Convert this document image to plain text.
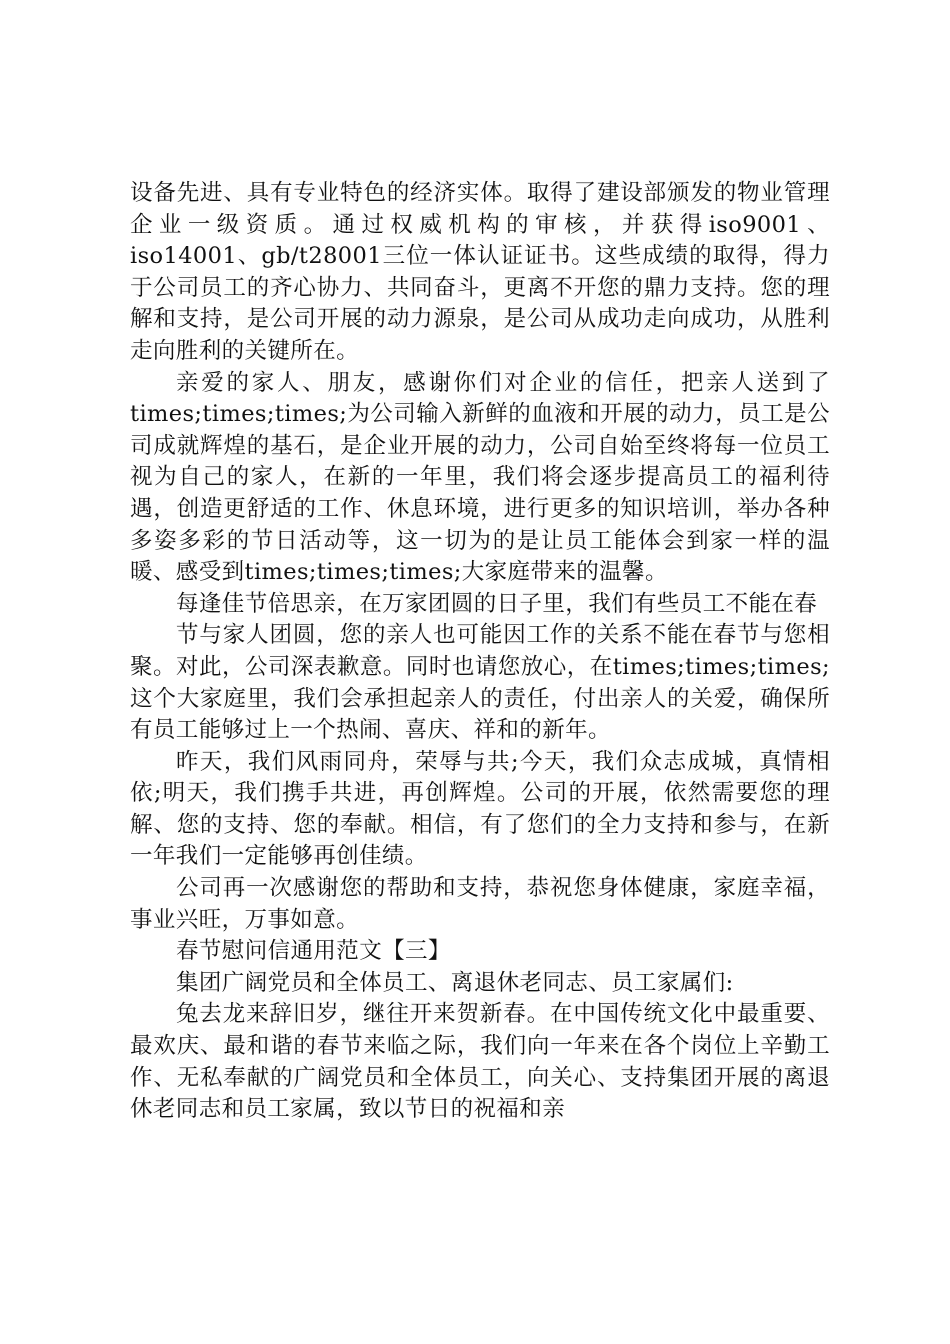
设备先进、具有专业特色的经济实体。取得了建设部颁发的物业管理企业一级资质。通过权威机构的审核，并获得iso9001、iso14001、gb/t28001三位一体认证证书。这些成绩的取得，得力于公司员工的齐心协力、共同奋斗，更离不开您的鼎力支持。您的理解和支持，是公司开展的动力源泉，是公司从成功走向成功，从胜利走向胜利的关键所在。

亲爱的家人、朋友，感谢你们对企业的信任，把亲人送到了times;times;times;为公司输入新鲜的血液和开展的动力，员工是公司成就辉煌的基石，是企业开展的动力，公司自始至终将每一位员工视为自己的家人，在新的一年里，我们将会逐步提高员工的福利待遇，创造更舒适的工作、休息环境，进行更多的知识培训，举办各种多姿多彩的节日活动等，这一切为的是让员工能体会到家一样的温暖、感受到times;times;times;大家庭带来的温馨。

每逢佳节倍思亲，在万家团圆的日子里，我们有些员工不能在春

节与家人团圆，您的亲人也可能因工作的关系不能在春节与您相聚。对此，公司深表歉意。同时也请您放心，在times;times;times;这个大家庭里，我们会承担起亲人的责任，付出亲人的关爱，确保所有员工能够过上一个热闹、喜庆、祥和的新年。

昨天，我们风雨同舟，荣辱与共;今天，我们众志成城，真情相依;明天，我们携手共进，再创辉煌。公司的开展，依然需要您的理解、您的支持、您的奉献。相信，有了您们的全力支持和参与，在新一年我们一定能够再创佳绩。

公司再一次感谢您的帮助和支持，恭祝您身体健康，家庭幸福，事业兴旺，万事如意。

春节慰问信通用范文【三】

集团广阔党员和全体员工、离退休老同志、员工家属们:

兔去龙来辞旧岁，继往开来贺新春。在中国传统文化中最重要、最欢庆、最和谐的春节来临之际，我们向一年来在各个岗位上辛勤工作、无私奉献的广阔党员和全体员工，向关心、支持集团开展的离退休老同志和员工家属，致以节日的祝福和亲
